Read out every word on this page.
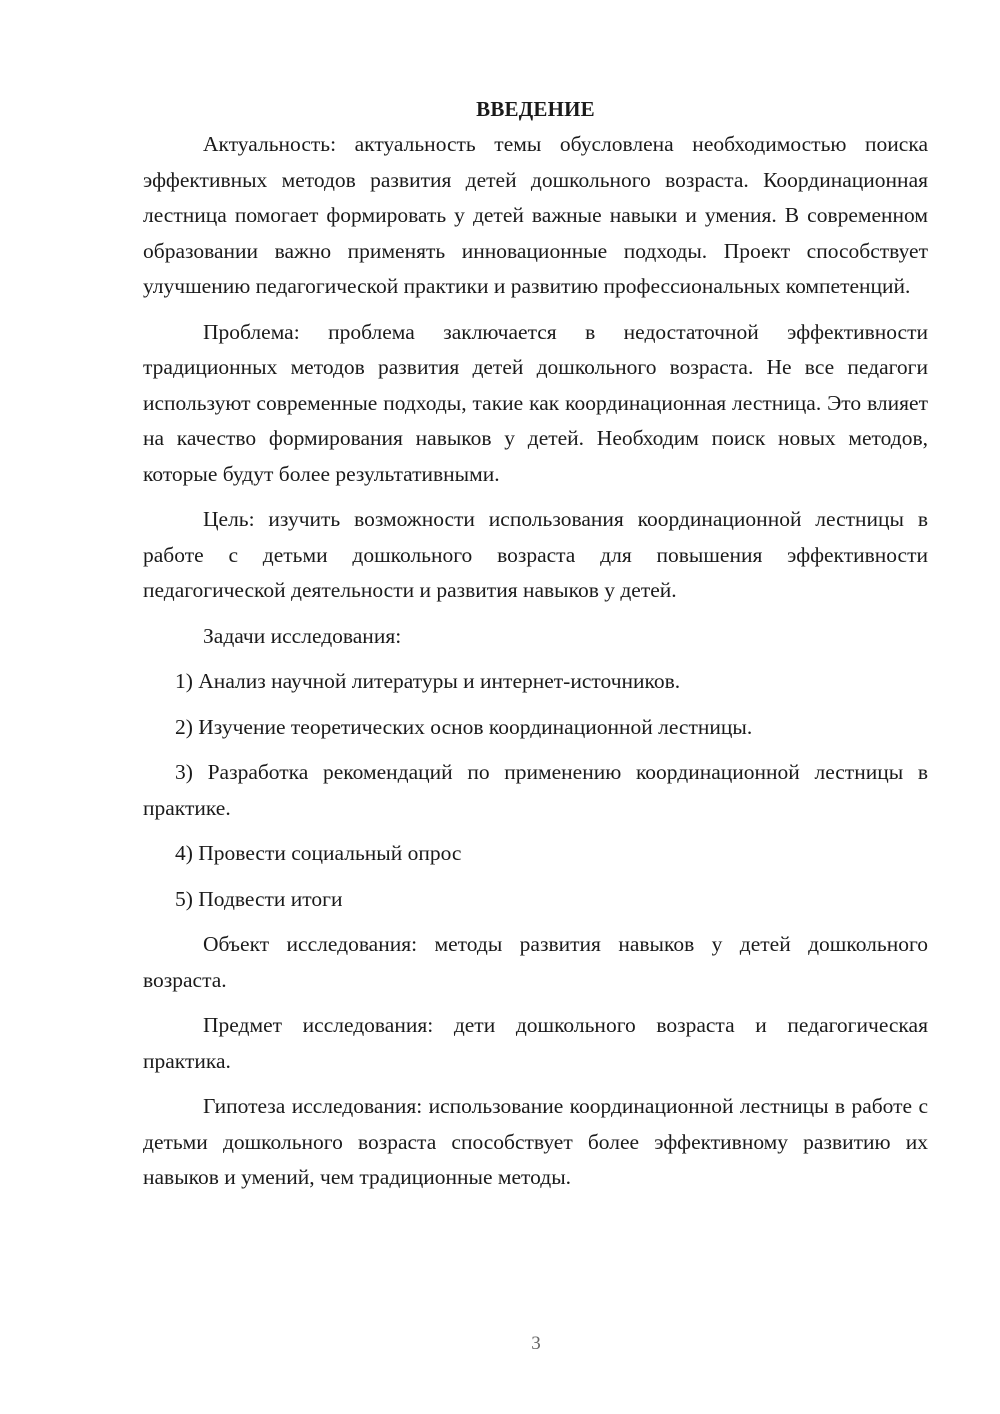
ВВЕДЕНИЕ

Актуальность: актуальность темы обусловлена необходимостью поиска эффективных методов развития детей дошкольного возраста. Координационная лестница помогает формировать у детей важные навыки и умения. В современном образовании важно применять инновационные подходы. Проект способствует улучшению педагогической практики и развитию профессиональных компетенций.

Проблема: проблема заключается в недостаточной эффективности традиционных методов развития детей дошкольного возраста. Не все педагоги используют современные подходы, такие как координационная лестница. Это влияет на качество формирования навыков у детей. Необходим поиск новых методов, которые будут более результативными.

Цель: изучить возможности использования координационной лестницы в работе с детьми дошкольного возраста для повышения эффективности педагогической деятельности и развития навыков у детей.

Задачи исследования:

1) Анализ научной литературы и интернет-источников.

2) Изучение теоретических основ координационной лестницы.

3) Разработка рекомендаций по применению координационной лестницы в практике.

4) Провести социальный опрос

5) Подвести итоги

Объект исследования: методы развития навыков у детей дошкольного возраста.

Предмет исследования: дети дошкольного возраста и педагогическая практика.

Гипотеза исследования: использование координационной лестницы в работе с детьми дошкольного возраста способствует более эффективному развитию их навыков и умений, чем традиционные методы.

3
